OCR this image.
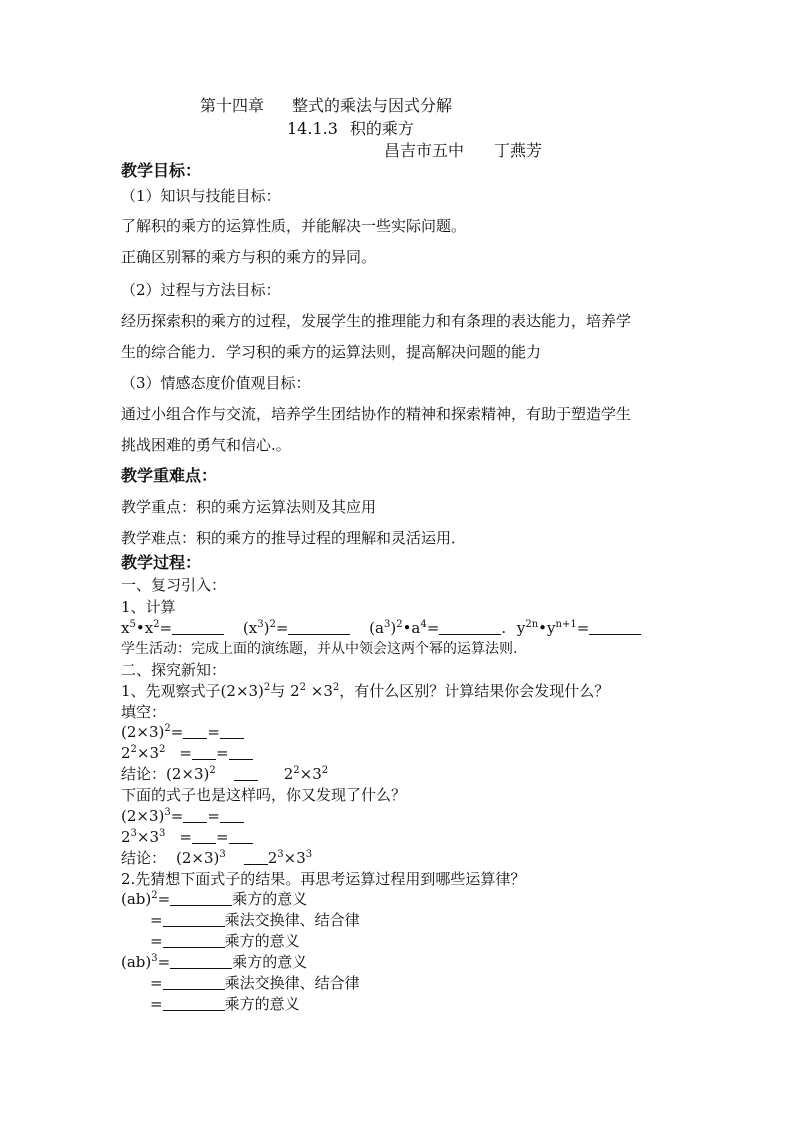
第十四章 整式的乘法与因式分解
14.1.3 积的乘方
昌吉市五中 丁燕芳
教学目标：
（1）知识与技能目标：
了解积的乘方的运算性质，并能解决一些实际问题。
正确区别幂的乘方与积的乘方的异同。
（2）过程与方法目标：
经历探索积的乘方的过程，发展学生的推理能力和有条理的表达能力，培养学
生的综合能力．学习积的乘方的运算法则，提高解决问题的能力
（3）情感态度价值观目标：
通过小组合作与交流，培养学生团结协作的精神和探索精神，有助于塑造学生
挑战困难的勇气和信心.。
教学重难点：
教学重点：积的乘方运算法则及其应用
教学难点：积的乘方的推导过程的理解和灵活运用．
教学过程：
一、复习引入：
1、计算
$x^5•x^2=$	$(x^3)^2=$	$(a^3)^2•a^4=$	. $y^{2n}•y^{n+1}=$
学生活动：完成上面的演练题，并从中领会这两个幂的运算法则.
二、探究新知：
1、先观察式子$(2\times 3)^2$与 $2^2 \times 3^2$，有什么区别？计算结果你会发现什么？
填空：
$(2\times 3)^2=$ =
$2^2\times 3^2$ = =
结论：$(2\times 3)^2$	$2^2\times 3^2$
下面的式子也是这样吗，你又发现了什么？
$(2\times 3)^3=$ =
$2^3\times 3^3$ = =
结论： $(2\times 3)^3$	$2^3\times 3^3$
2.先猜想下面式子的结果。再思考运算过程用到哪些运算律？
(ab)$^2$=	乘方的意义
=	乘法交换律、结合律
=	乘方的意义
(ab)$^3$=	乘方的意义
=	乘法交换律、结合律
=	乘方的意义
